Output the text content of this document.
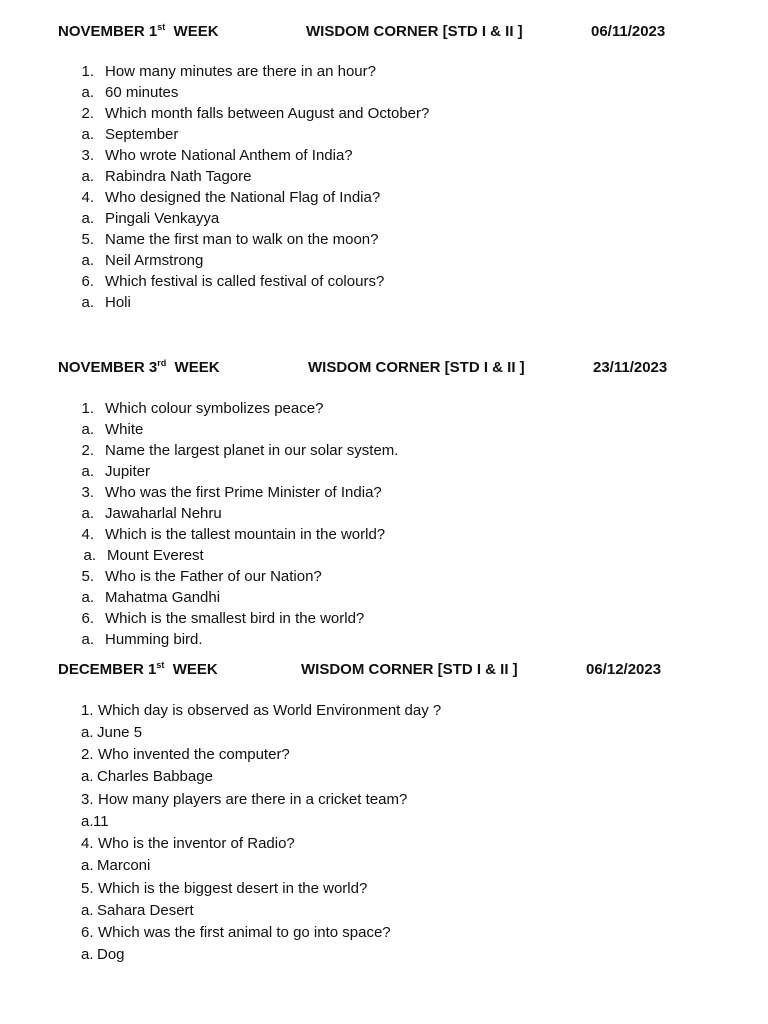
NOVEMBER 1st WEEK	WISDOM CORNER [STD I & II ]	06/11/2023
1. How many minutes are there in an hour?
a. 60 minutes
2. Which month falls between August and October?
a. September
3. Who wrote National Anthem of India?
a. Rabindra Nath Tagore
4. Who designed the National Flag of India?
a. Pingali Venkayya
5. Name the first man to walk on the moon?
a. Neil Armstrong
6. Which festival is called festival of colours?
a. Holi
NOVEMBER 3rd WEEK	WISDOM CORNER [STD I & II ]	23/11/2023
1. Which colour symbolizes peace?
a. White
2. Name the largest planet in our solar system.
a. Jupiter
3. Who was the first Prime Minister of India?
a. Jawaharlal Nehru
4. Which is the tallest mountain in the world?
a. Mount Everest
5. Who is the Father of our Nation?
a. Mahatma Gandhi
6. Which is the smallest bird in the world?
a. Humming bird.
DECEMBER 1st WEEK	WISDOM CORNER [STD I & II ]	06/12/2023
1. Which day is observed as World Environment day ?
a. June 5
2. Who invented the computer?
a. Charles Babbage
3. How many players are there in a cricket team?
a. 11
4. Who is the inventor of Radio?
a. Marconi
5. Which is the biggest desert in the world?
a. Sahara Desert
6. Which was the first animal to go into space?
a. Dog
